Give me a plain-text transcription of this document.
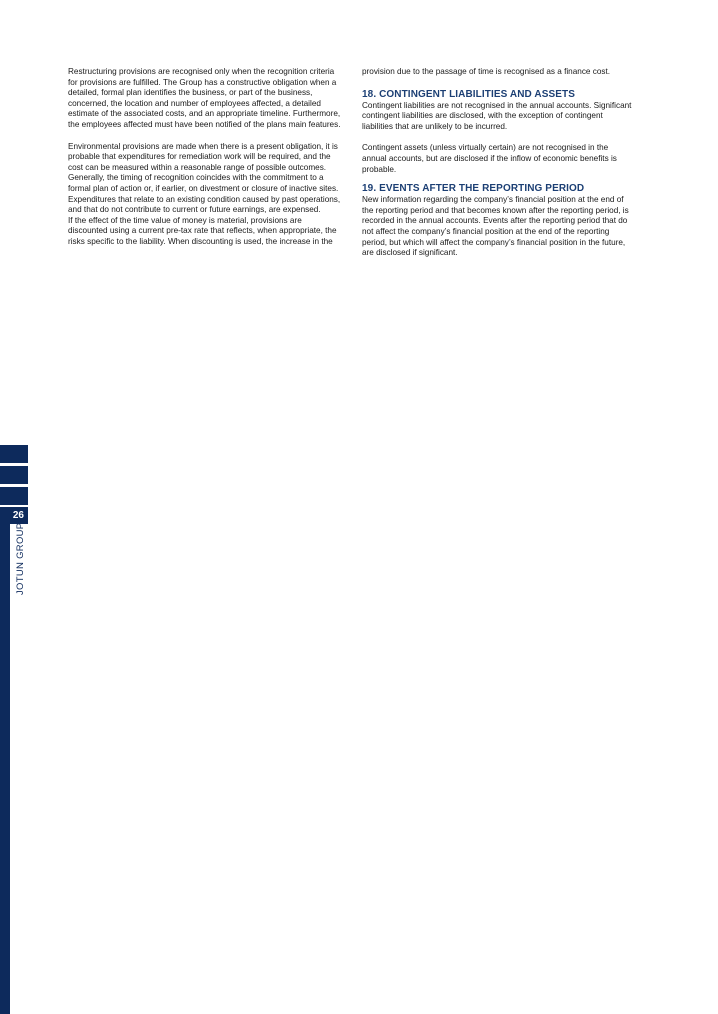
26
JOTUN GROUP

Restructuring provisions are recognised only when the recognition criteria for provisions are fulfilled. The Group has a constructive obligation when a detailed, formal plan identifies the business, or part of the business, concerned, the location and number of employees affected, a detailed estimate of the associated costs, and an appropriate timeline. Furthermore, the employees affected must have been notified of the plans main features.

Environmental provisions are made when there is a present obligation, it is probable that expenditures for remediation work will be required, and the cost can be measured within a reasonable range of possible outcomes. Generally, the timing of recognition coincides with the commitment to a formal plan of action or, if earlier, on divestment or closure of inactive sites. Expenditures that relate to an existing condition caused by past operations, and that do not contribute to current or future earnings, are expensed.

If the effect of the time value of money is material, provisions are discounted using a current pre-tax rate that reflects, when appropriate, the risks specific to the liability. When discounting is used, the increase in the

provision due to the passage of time is recognised as a finance cost.

18. CONTINGENT LIABILITIES AND ASSETS

Contingent liabilities are not recognised in the annual accounts. Significant contingent liabilities are disclosed, with the exception of contingent liabilities that are unlikely to be incurred.

Contingent assets (unless virtually certain) are not recognised in the annual accounts, but are disclosed if the inflow of economic benefits is probable.

19. EVENTS AFTER THE REPORTING PERIOD

New information regarding the company’s financial position at the end of the reporting period and that becomes known after the reporting period, is recorded in the annual accounts. Events after the reporting period that do not affect the company’s financial position at the end of the reporting period, but which will affect the company’s financial position in the future, are disclosed if significant.
